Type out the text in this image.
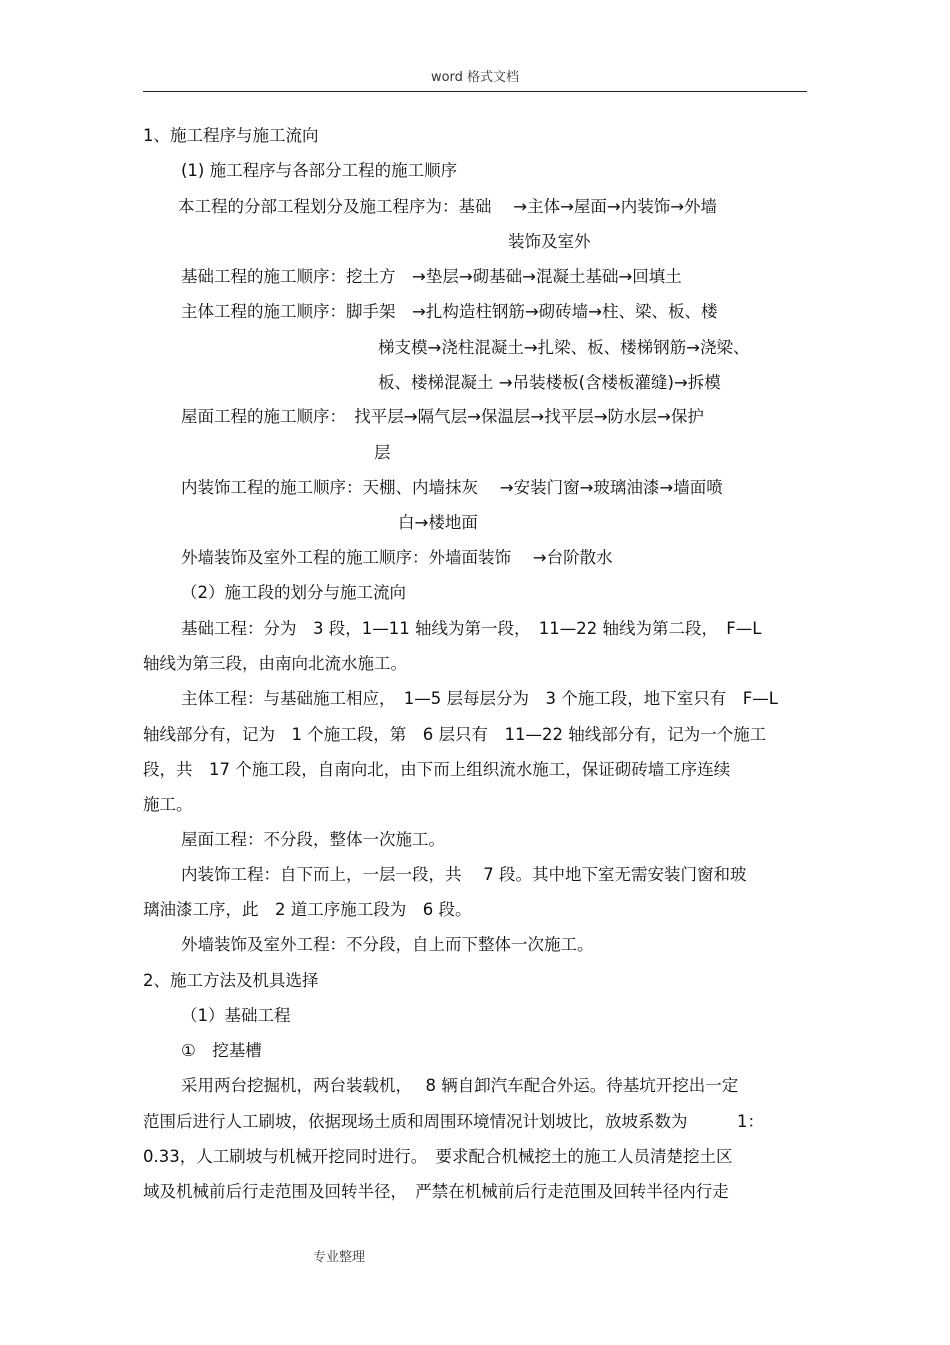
word 格式文档
1、施工程序与施工流向
(1) 施工程序与各部分工程的施工顺序
本工程的分部工程划分及施工程序为：基础　 →主体→屋面→内装饰→外墙
装饰及室外
基础工程的施工顺序：挖土方　→垫层→砌基础→混凝土基础→回填土
主体工程的施工顺序：脚手架　→扎构造柱钢筋→砌砖墙→柱、梁、板、楼
梯支模→浇柱混凝土→扎梁、板、楼梯钢筋→浇梁、
板、楼梯混凝土 →吊装楼板(含楼板灌缝)→拆模
屋面工程的施工顺序：　找平层→隔气层→保温层→找平层→防水层→保护
层
内装饰工程的施工顺序：天棚、内墙抹灰　 →安装门窗→玻璃油漆→墙面喷
白→楼地面
外墙装饰及室外工程的施工顺序：外墙面装饰　 →台阶散水
（2）施工段的划分与施工流向
基础工程：分为　3 段，1—11 轴线为第一段，　11—22 轴线为第二段，　F—L
轴线为第三段，由南向北流水施工。
主体工程：与基础施工相应，　1—5 层每层分为　3 个施工段，地下室只有　F—L
轴线部分有，记为　1 个施工段，第　6 层只有　11—22 轴线部分有，记为一个施工
段，共　17 个施工段，自南向北，由下而上组织流水施工，保证砌砖墙工序连续
施工。
屋面工程：不分段，整体一次施工。
内装饰工程：自下而上，一层一段，共　 7 段。其中地下室无需安装门窗和玻
璃油漆工序，此　2 道工序施工段为　6 段。
外墙装饰及室外工程：不分段，自上而下整体一次施工。
2、施工方法及机具选择
（1）基础工程
①　挖基槽
采用两台挖掘机，两台装载机，　 8 辆自卸汽车配合外运。待基坑开挖出一定
范围后进行人工刷坡，依据现场土质和周围环境情况计划坡比，放坡系数为　　　1：
0.33，人工刷坡与机械开挖同时进行。　要求配合机械挖土的施工人员清楚挖土区
域及机械前后行走范围及回转半径，　严禁在机械前后行走范围及回转半径内行走
专业整理
